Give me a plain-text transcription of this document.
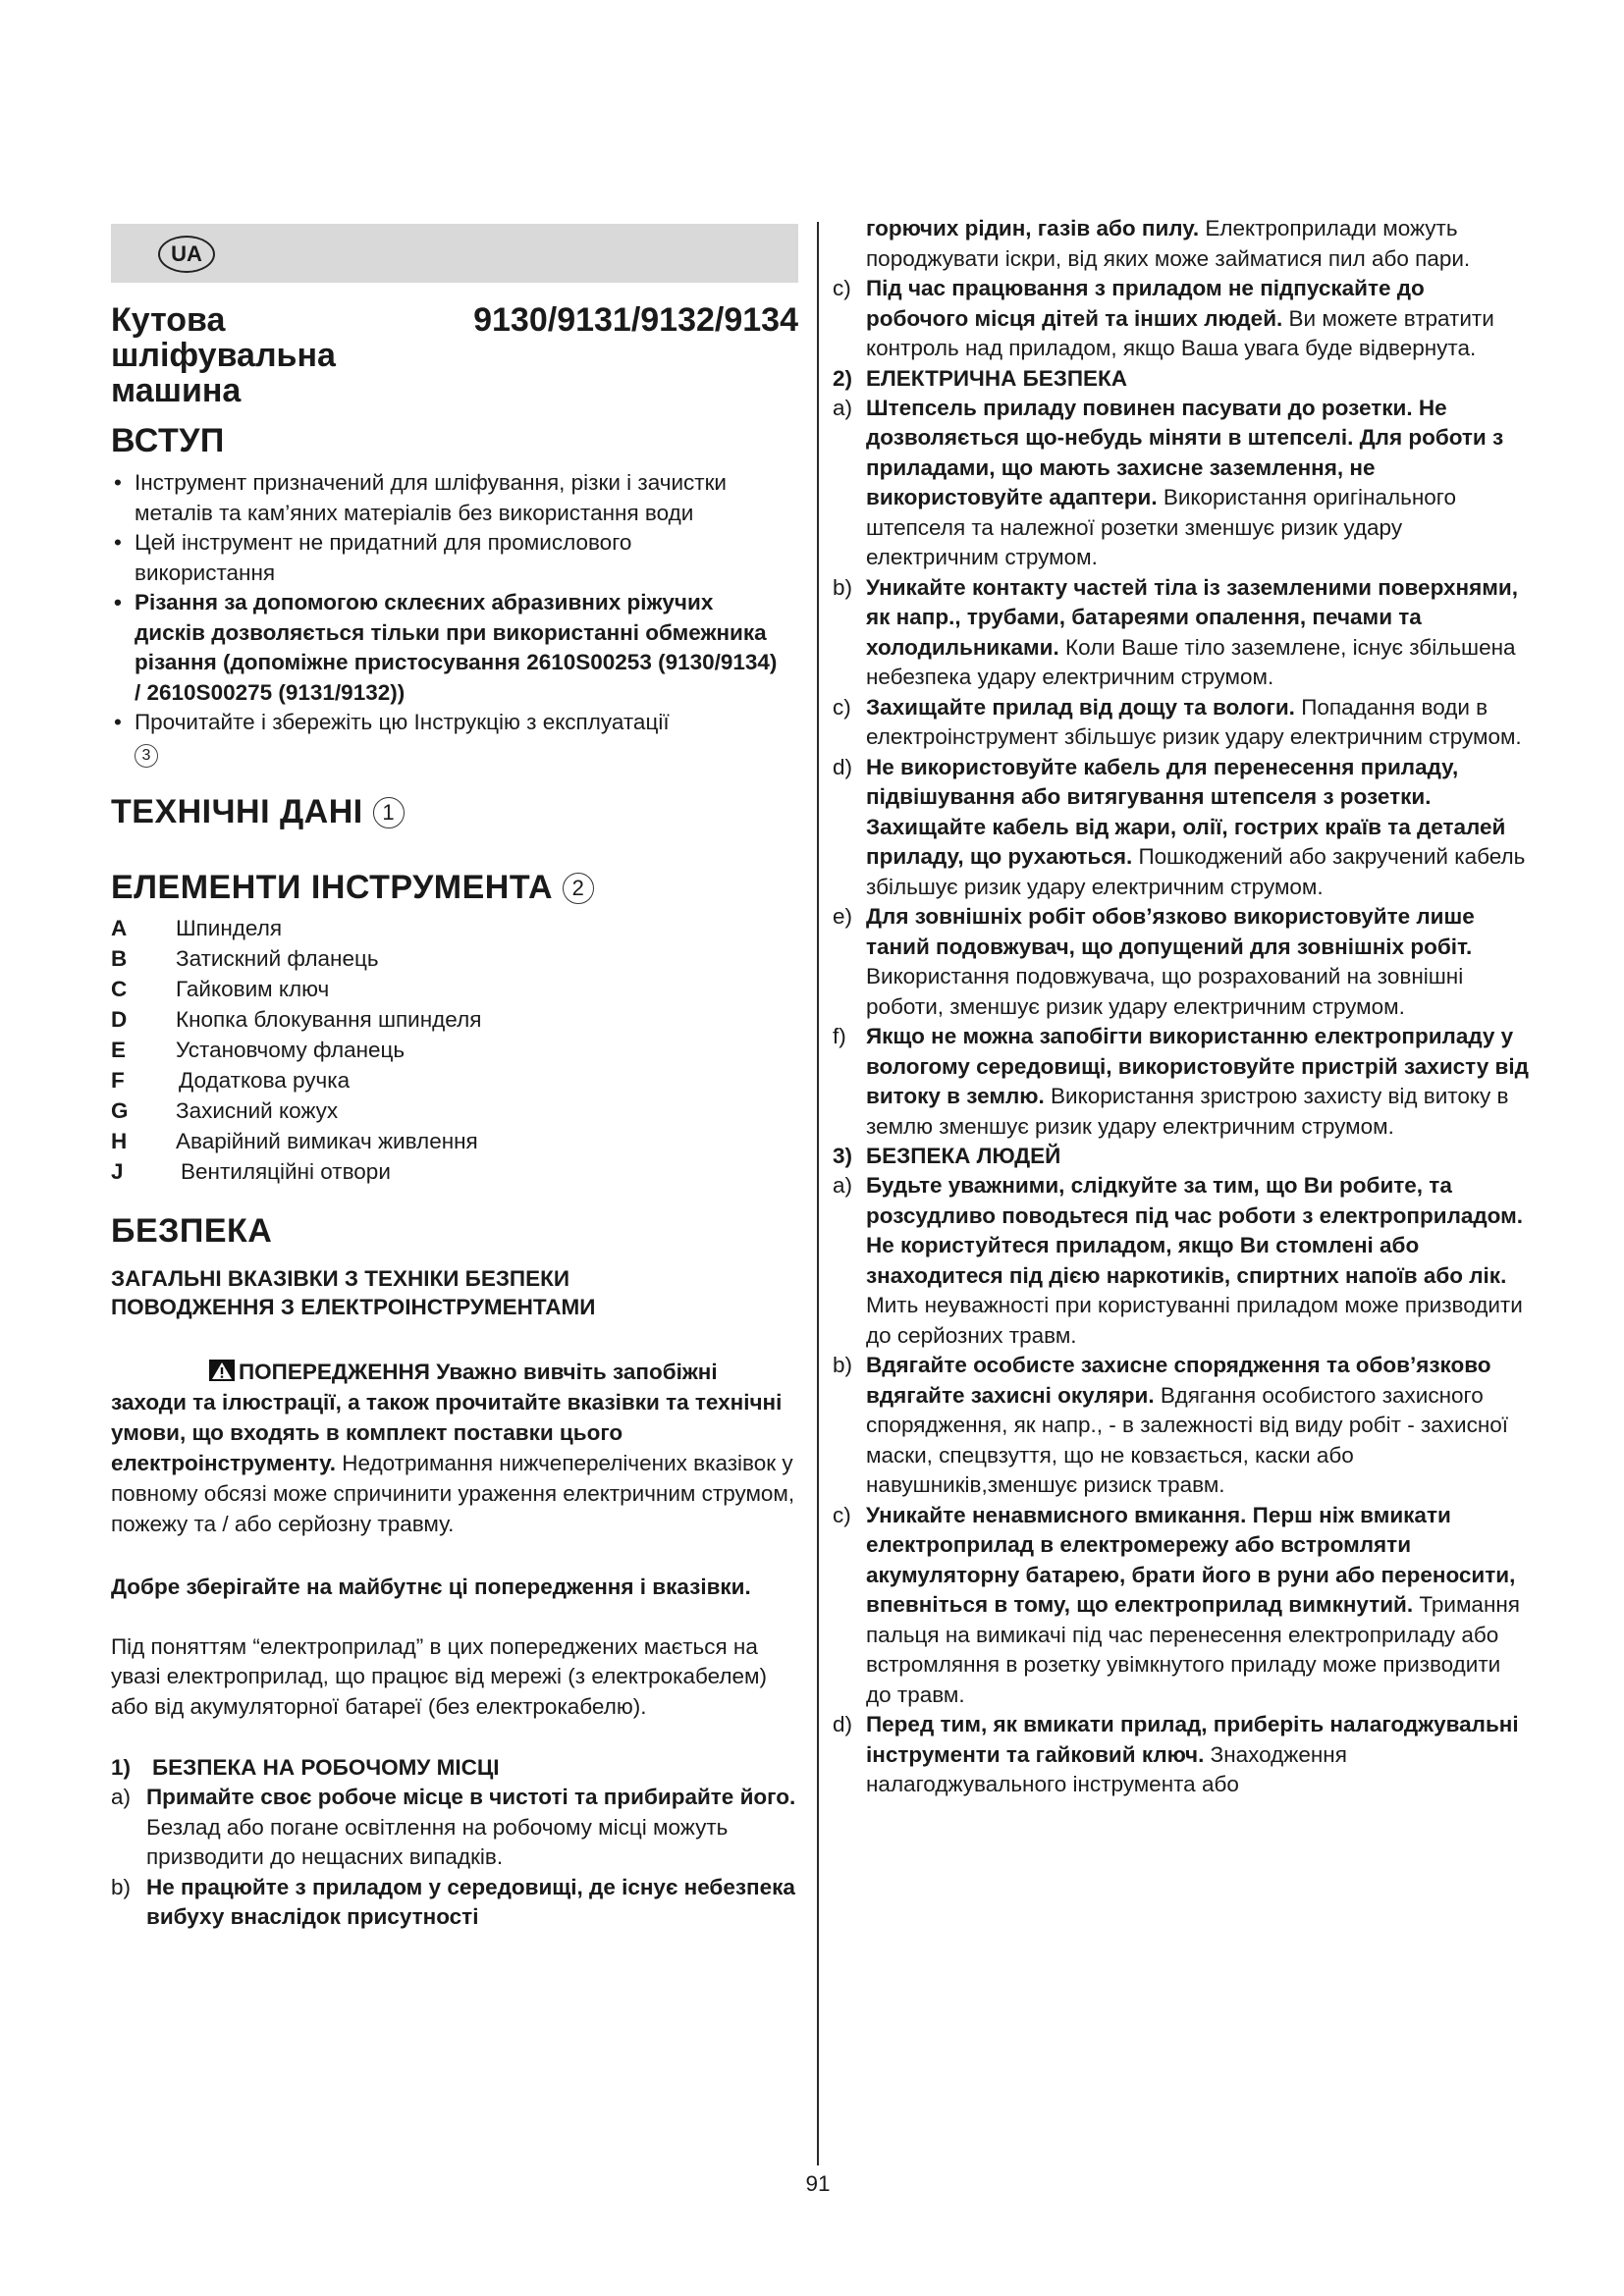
UA
Кутова
шліфувальна
машина
9130/9131/9132/9134
ВСТУП
• Інструмент призначений для шліфування, різки і зачистки металів та кам’яних матеріалів без використання води
• Цей інструмент не придатний для промислового використання
• Різання за допомогою склеєних абразивних ріжучих дисків дозволяється тільки при використанні обмежника різання (допоміжне пристосування 2610S00253 (9130/9134) / 2610S00275 (9131/9132))
• Прочитайте і збережіть цю Інструкцію з експлуатації
3
ТЕХНІЧНІ ДАНІ 1
ЕЛЕМЕНТИ ІНСТРУМЕНТА 2
A	Шпинделя
B	Затискний фланець
C	Гайковим ключ
D	Кнопка блокування шпинделя
E	Установчому фланець
F	Додаткова ручка
G	Захисний кожух
H	Аварійний вимикач живлення
J	Вентиляційні отвори
БЕЗПЕКА
ЗАГАЛЬНІ ВКАЗІВКИ З ТЕХНІКИ БЕЗПЕКИ
ПОВОДЖЕННЯ З ЕЛЕКТРОІНСТРУМЕНТАМИ
ПОПЕРЕДЖЕННЯ Уважно вивчіть запобіжні заходи та ілюстрації, а також прочитайте вказівки та технічні умови, що входять в комплект поставки цього електроінструменту. Недотримання нижчеперелічених вказівок у повному обсязі може спричинити ураження електричним струмом, пожежу та / або серйозну травму.
Добре зберігайте на майбутнє ці попередження і вказівки.
Під поняттям “електроприлад” в цих попереджених мається на увазі електроприлад, що працює від мережі (з електрокабелем) або від акумуляторної батареї (без електрокабелю).
1) БЕЗПЕКА НА РОБОЧОМУ МІСЦІ
a) Примайте своє робоче місце в чистоті та прибирайте його. Безлад або погане освітлення на робочому місці можуть призводити до нещасних випадків.
b) Не працюйте з приладом у середовищі, де існує небезпека вибуху внаслідок присутності
горючих рідин, газів або пилу. Електроприлади можуть породжувати іскри, від яких може займатися пил або пари.
c) Під час працювання з приладом не підпускайте до робочого місця дітей та інших людей. Ви можете втратити контроль над приладом, якщо Ваша увага буде відвернута.
2) ЕЛЕКТРИЧНА БЕЗПЕКА
a) Штепсель приладу повинен пасувати до розетки. Не дозволяється що-небудь міняти в штепселі. Для роботи з приладами, що мають захисне заземлення, не використовуйте адаптери. Використання оригінального штепселя та належної розетки зменшує ризик удару електричним струмом.
b) Уникайте контакту частей тіла із заземленими поверхнями, як напр., трубами, батареями опалення, печами та холодильниками. Коли Ваше тіло заземлене, існує збільшена небезпека удару електричним струмом.
c) Захищайте прилад від дощу та вологи. Попадання води в електроінструмент збільшує ризик удару електричним струмом.
d) Не використовуйте кабель для перенесення приладу, підвішування або витягування штепселя з розетки. Захищайте кабель від жари, олії, гострих країв та деталей приладу, що рухаються. Пошкоджений або закручений кабель збільшує ризик удару електричним струмом.
e) Для зовнішніх робіт обов’язково використовуйте лише таний подовжувач, що допущений для зовнішніх робіт. Використання подовжувача, що розрахований на зовнішні роботи, зменшує ризик удару електричним струмом.
f) Якщо не можна запобігти використанню електроприладу у вологому середовищі, використовуйте пристрій захисту від витоку в землю. Використання зристрою захисту від витоку в землю зменшує ризик удару електричним струмом.
3) БЕЗПЕКА ЛЮДЕЙ
a) Будьте уважними, слідкуйте за тим, що Ви робите, та розсудливо поводьтеся під час роботи з електроприладом. Не користуйтеся приладом, якщо Ви стомлені або знаходитеся під дією наркотиків, спиртних напоїв або лік. Мить неуважності при користуванні приладом може призводити до серйозних травм.
b) Вдягайте особисте захисне спорядження та обов’язково вдягайте захисні окуляри. Вдягання особистого захисного спорядження, як напр., - в залежності від виду робіт - захисної маски, спецвзуття, що не ковзається, каски або навушників,зменшує ризиск травм.
c) Уникайте ненавмисного вмикання. Перш ніж вмикати електроприлад в електромережу або встромляти акумуляторну батарею, брати його в руни або переносити, впевніться в тому, що електроприлад вимкнутий. Тримання пальця на вимикачі під час перенесення електроприладу або встромляння в розетку увімкнутого приладу може призводити до травм.
d) Перед тим, як вмикати прилад, приберіть налагоджувальні інструменти та гайковий ключ. Знаходження налагоджувального інструмента або
91
